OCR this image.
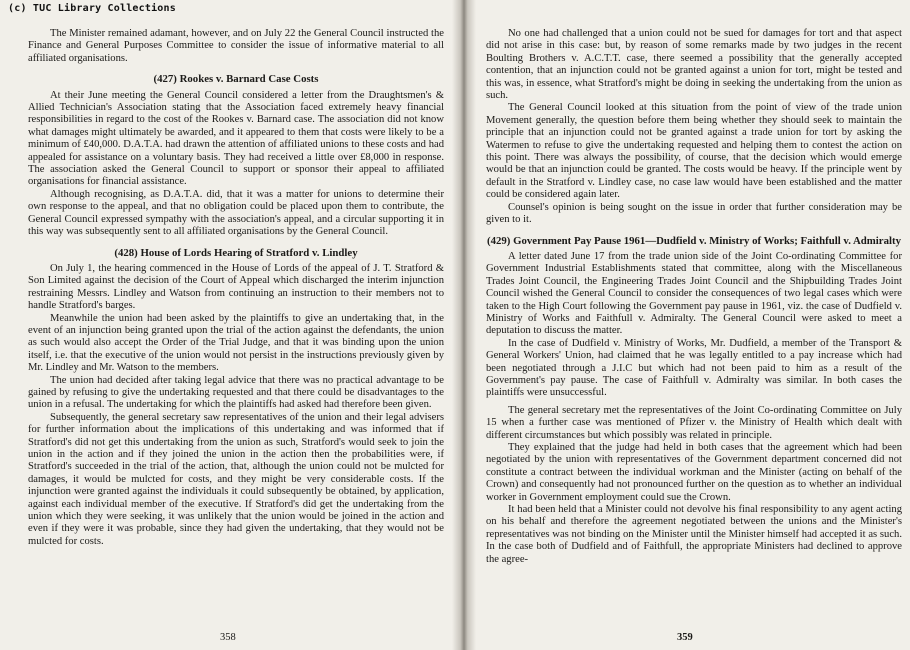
(c) TUC Library Collections

The Minister remained adamant, however, and on July 22 the General Council instructed the Finance and General Purposes Committee to consider the issue of informative material to all affiliated organisations.

(427) Rookes v. Barnard Case Costs

At their June meeting the General Council considered a letter from the Draughtsmen's & Allied Technician's Association stating that the Association faced extremely heavy financial responsibilities in regard to the cost of the Rookes v. Barnard case. The association did not know what damages might ultimately be awarded, and it appeared to them that costs were likely to be a minimum of £40,000. D.A.T.A. had drawn the attention of affiliated unions to these costs and had appealed for assistance on a voluntary basis. They had received a little over £8,000 in response. The association asked the General Council to support or sponsor their appeal to affiliated organisations for financial assistance.

Although recognising, as D.A.T.A. did, that it was a matter for unions to determine their own response to the appeal, and that no obligation could be placed upon them to contribute, the General Council expressed sympathy with the association's appeal, and a circular supporting it in this way was subsequently sent to all affiliated organisations by the General Council.

(428) House of Lords Hearing of Stratford v. Lindley

On July 1, the hearing commenced in the House of Lords of the appeal of J. T. Stratford & Son Limited against the decision of the Court of Appeal which discharged the interim injunction restraining Messrs. Lindley and Watson from continuing an instruction to their members not to handle Stratford's barges.

Meanwhile the union had been asked by the plaintiffs to give an undertaking that, in the event of an injunction being granted upon the trial of the action against the defendants, the union as such would also accept the Order of the Trial Judge, and that it was binding upon the union itself, i.e. that the executive of the union would not persist in the instructions previously given by Mr. Lindley and Mr. Watson to the members.

The union had decided after taking legal advice that there was no practical advantage to be gained by refusing to give the undertaking requested and that there could be disadvantages to the union in a refusal. The undertaking for which the plaintiffs had asked had therefore been given.

Subsequently, the general secretary saw representatives of the union and their legal advisers for further information about the implications of this undertaking and was informed that if Stratford's did not get this undertaking from the union as such, Stratford's would seek to join the union in the action and if they joined the union in the action then the probabilities were, if Stratford's succeeded in the trial of the action, that, although the union could not be mulcted for damages, it would be mulcted for costs, and they might be very considerable costs. If the injunction were granted against the individuals it could subsequently be obtained, by application, against each individual member of the executive. If Stratford's did get the undertaking from the union which they were seeking, it was unlikely that the union would be joined in the action and even if they were it was probable, since they had given the undertaking, that they would not be mulcted for costs.

358

No one had challenged that a union could not be sued for damages for tort and that aspect did not arise in this case: but, by reason of some remarks made by two judges in the recent Boulting Brothers v. A.C.T.T. case, there seemed a possibility that the generally accepted contention, that an injunction could not be granted against a union for tort, might be tested and this was, in essence, what Stratford's might be doing in seeking the undertaking from the union as such.

The General Council looked at this situation from the point of view of the trade union Movement generally, the question before them being whether they should seek to maintain the principle that an injunction could not be granted against a trade union for tort by asking the Watermen to refuse to give the undertaking requested and helping them to contest the action on this point. There was always the possibility, of course, that the decision which would emerge would be that an injunction could be granted. The costs would be heavy. If the principle went by default in the Stratford v. Lindley case, no case law would have been established and the matter could be considered again later.

Counsel's opinion is being sought on the issue in order that further consideration may be given to it.

(429) Government Pay Pause 1961—Dudfield v. Ministry of Works; Faithfull v. Admiralty

A letter dated June 17 from the trade union side of the Joint Co-ordinating Committee for Government Industrial Establishments stated that committee, along with the Miscellaneous Trades Joint Council, the Engineering Trades Joint Council and the Shipbuilding Trades Joint Council wished the General Council to consider the consequences of two legal cases which were taken to the High Court following the Government pay pause in 1961, viz. the case of Dudfield v. Ministry of Works and Faithfull v. Admiralty. The General Council were asked to meet a deputation to discuss the matter.

In the case of Dudfield v. Ministry of Works, Mr. Dudfield, a member of the Transport & General Workers' Union, had claimed that he was legally entitled to a pay increase which had been negotiated through a J.I.C but which had not been paid to him as a result of the Government's pay pause. The case of Faithfull v. Admiralty was similar. In both cases the plaintiffs were unsuccessful.

The general secretary met the representatives of the Joint Co-ordinating Committee on July 15 when a further case was mentioned of Pfizer v. the Ministry of Health which dealt with different circumstances but which possibly was related in principle.

They explained that the judge had held in both cases that the agreement which had been negotiated by the union with representatives of the Government department concerned did not constitute a contract between the individual workman and the Minister (acting on behalf of the Crown) and consequently had not pronounced further on the question as to whether an individual worker in Government employment could sue the Crown.

It had been held that a Minister could not devolve his final responsibility to any agent acting on his behalf and therefore the agreement negotiated between the unions and the Minister's representatives was not binding on the Minister until the Minister himself had accepted it as such. In the case both of Dudfield and of Faithfull, the appropriate Ministers had declined to approve the agree-

359
